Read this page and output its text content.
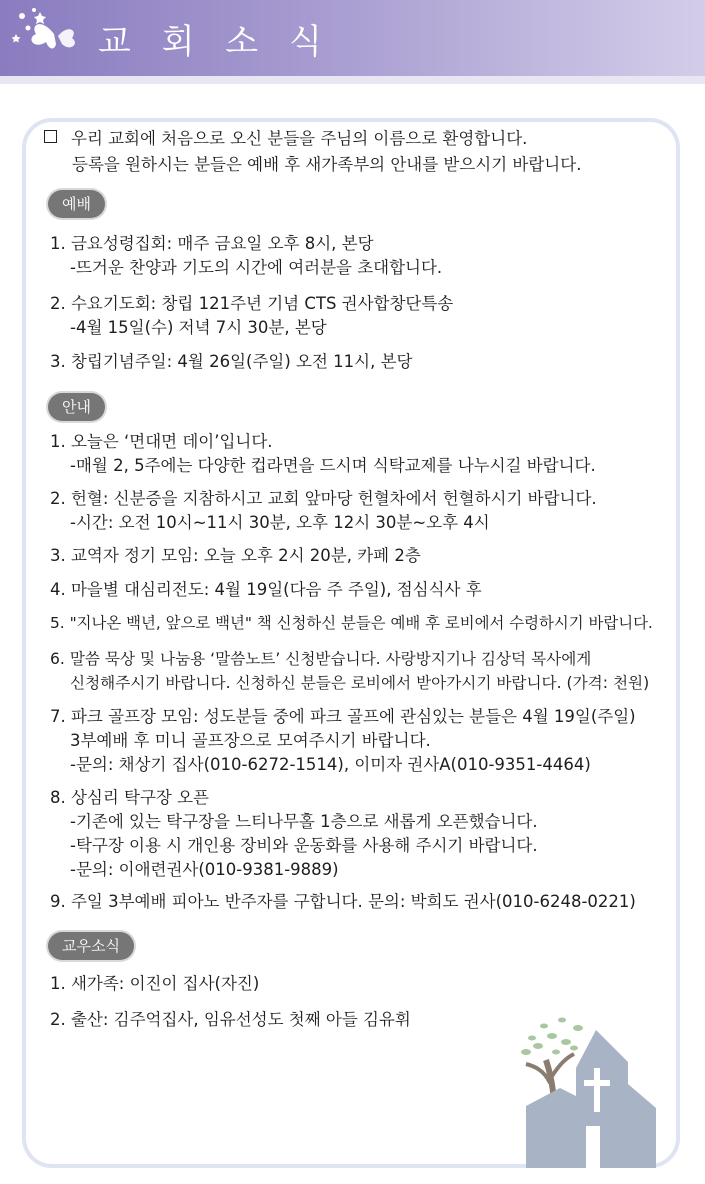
교 회 소 식
우리 교회에 처음으로 오신 분들을 주님의 이름으로 환영합니다.
등록을 원하시는 분들은 예배 후 새가족부의 안내를 받으시기 바랍니다.
예배
1. 금요성령집회: 매주 금요일 오후 8시, 본당
-뜨거운 찬양과 기도의 시간에 여러분을 초대합니다.
2. 수요기도회: 창립 121주년 기념 CTS 권사합창단특송
-4월 15일(수) 저녁 7시 30분, 본당
3. 창립기념주일: 4월 26일(주일) 오전 11시, 본당
안내
1. 오늘은 ‘면대면 데이’입니다.
-매월 2, 5주에는 다양한 컵라면을 드시며 식탁교제를 나누시길 바랍니다.
2. 헌혈: 신분증을 지참하시고 교회 앞마당 헌혈차에서 헌혈하시기 바랍니다.
-시간: 오전 10시~11시 30분, 오후 12시 30분~오후 4시
3. 교역자 정기 모임: 오늘 오후 2시 20분, 카페 2층
4. 마을별 대심리전도: 4월 19일(다음 주 주일), 점심식사 후
5. "지나온 백년, 앞으로 백년" 책 신청하신 분들은 예배 후 로비에서 수령하시기 바랍니다.
6. 말씀 묵상 및 나눔용 ‘말씀노트’ 신청받습니다. 사랑방지기나 김상덕 목사에게
신청해주시기 바랍니다. 신청하신 분들은 로비에서 받아가시기 바랍니다. (가격: 천원)
7. 파크 골프장 모임: 성도분들 중에 파크 골프에 관심있는 분들은 4월 19일(주일)
3부예배 후 미니 골프장으로 모여주시기 바랍니다.
-문의: 채상기 집사(010-6272-1514), 이미자 권사A(010-9351-4464)
8. 상심리 탁구장 오픈
-기존에 있는 탁구장을 느티나무홀 1층으로 새롭게 오픈했습니다.
-탁구장 이용 시 개인용 장비와 운동화를 사용해 주시기 바랍니다.
-문의: 이애련권사(010-9381-9889)
9. 주일 3부예배 피아노 반주자를 구합니다. 문의: 박희도 권사(010-6248-0221)
교우소식
1. 새가족: 이진이 집사(자진)
2. 출산: 김주억집사, 임유선성도 첫째 아들 김유휘
